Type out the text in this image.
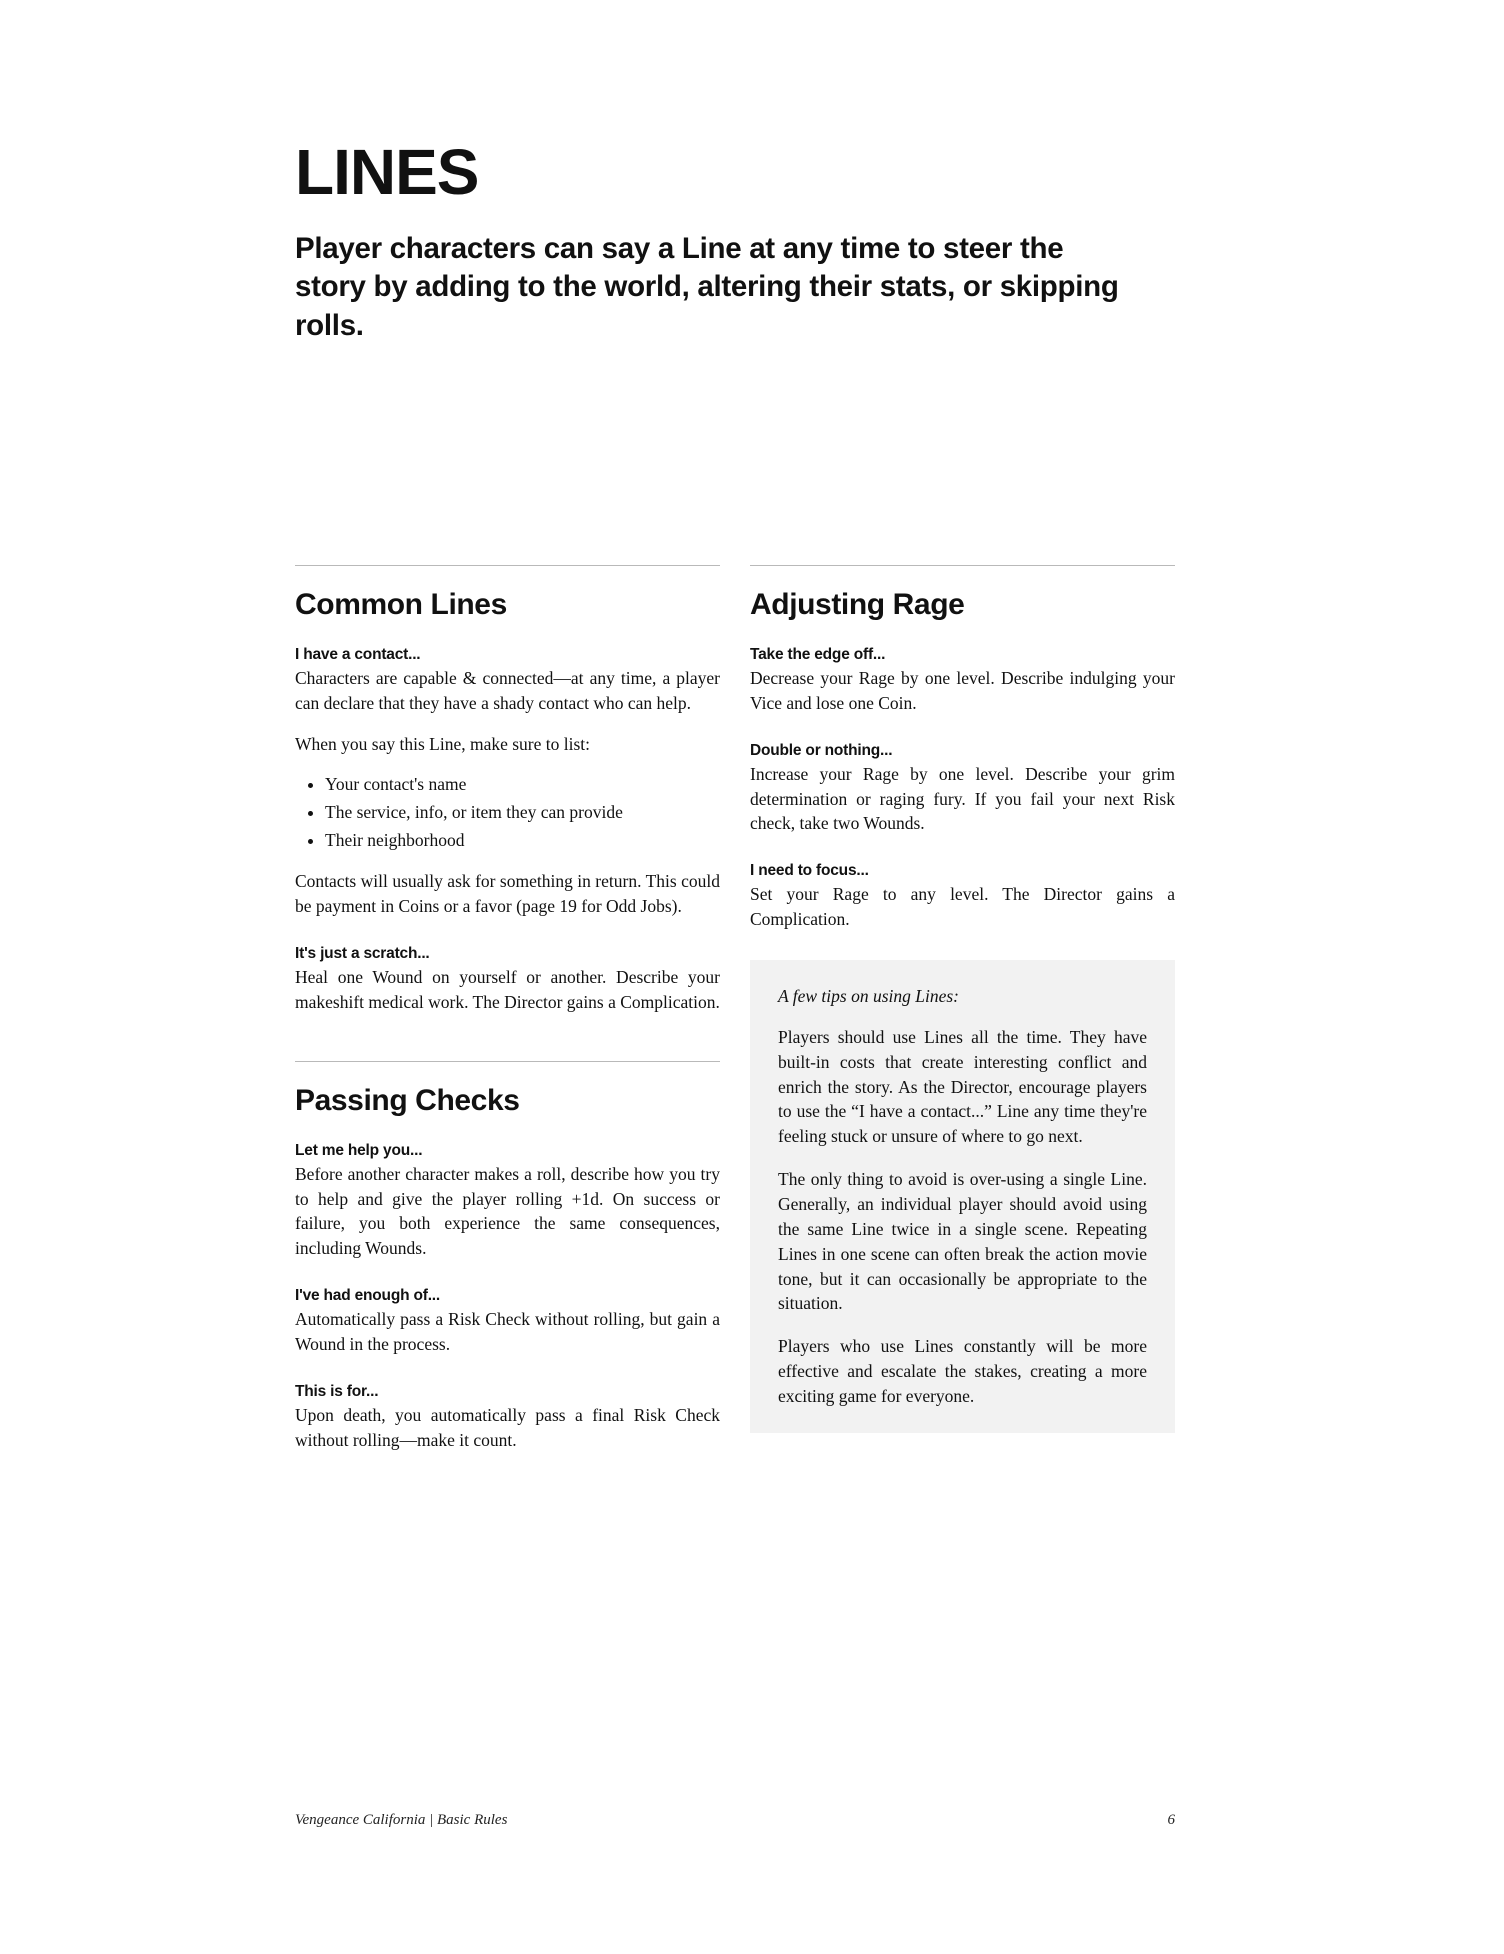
LINES

Player characters can say a Line at any time to steer the story by adding to the world, altering their stats, or skipping rolls.

Common Lines
I have a contact...

Characters are capable & connected—at any time, a player can declare that they have a shady contact who can help.

When you say this Line, make sure to list:

• Your contact's name
• The service, info, or item they can provide
• Their neighborhood

Contacts will usually ask for something in return. This could be payment in Coins or a favor (page 19 for Odd Jobs).

It's just a scratch...

Heal one Wound on yourself or another. Describe your makeshift medical work. The Director gains a Complication.

Passing Checks
Let me help you...

Before another character makes a roll, describe how you try to help and give the player rolling +1d. On success or failure, you both experience the same consequences, including Wounds.

I've had enough of...

Automatically pass a Risk Check without rolling, but gain a Wound in the process.

This is for...

Upon death, you automatically pass a final Risk Check without rolling—make it count.

Adjusting Rage
Take the edge off...

Decrease your Rage by one level. Describe indulging your Vice and lose one Coin.

Double or nothing...

Increase your Rage by one level. Describe your grim determination or raging fury. If you fail your next Risk check, take two Wounds.

I need to focus...

Set your Rage to any level. The Director gains a Complication.

A few tips on using Lines:

Players should use Lines all the time. They have built-in costs that create interesting conflict and enrich the story. As the Director, encourage players to use the “I have a contact...” Line any time they're feeling stuck or unsure of where to go next.

The only thing to avoid is over-using a single Line. Generally, an individual player should avoid using the same Line twice in a single scene. Repeating Lines in one scene can often break the action movie tone, but it can occasionally be appropriate to the situation.

Players who use Lines constantly will be more effective and escalate the stakes, creating a more exciting game for everyone.

Vengeance California | Basic Rules	6
